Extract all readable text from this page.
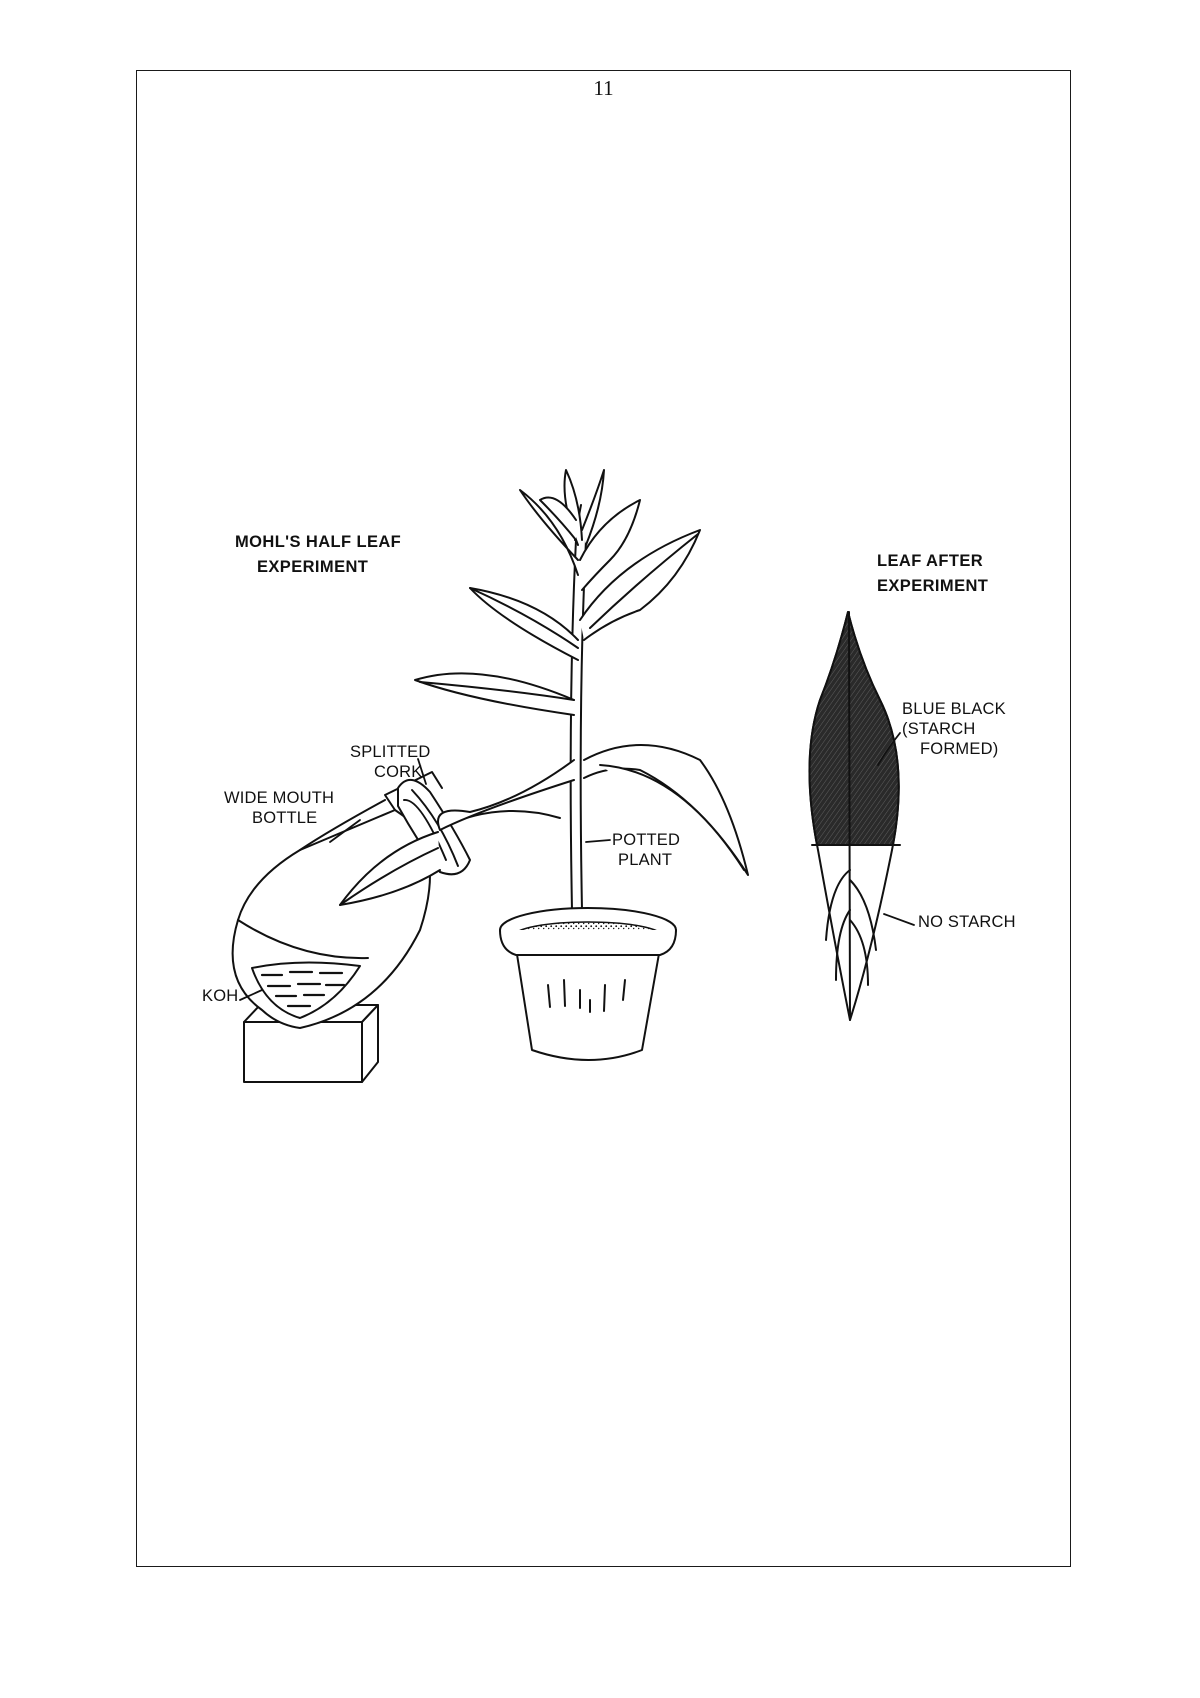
11
MOHL'S HALF LEAF
EXPERIMENT	LEAF AFTER
EXPERIMENT
SPLITTED
CORK
WIDE MOUTH
BOTTLE
POTTED
PLANT
KOH
BLUE BLACK
(STARCH
FORMED)
NO STARCH
